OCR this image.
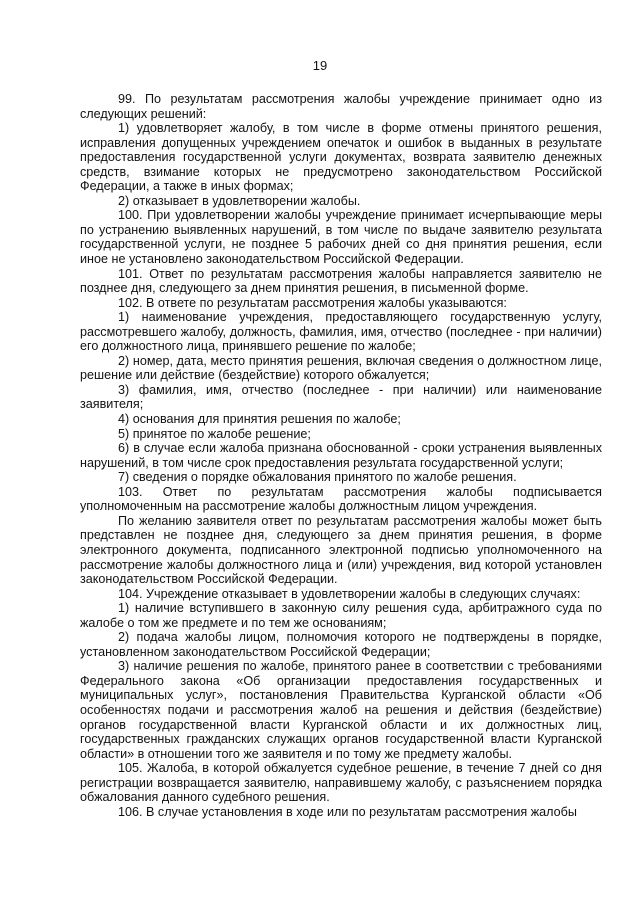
19

99. По результатам рассмотрения жалобы учреждение принимает одно из следующих решений:

1) удовлетворяет жалобу, в том числе в форме отмены принятого решения, исправления допущенных учреждением опечаток и ошибок в выданных в результате предоставления государственной услуги документах, возврата заявителю денежных средств, взимание которых не предусмотрено законодательством Российской Федерации, а также в иных формах;

2) отказывает в удовлетворении жалобы.

100. При удовлетворении жалобы учреждение принимает исчерпывающие меры по устранению выявленных нарушений, в том числе по выдаче заявителю результата государственной услуги, не позднее 5 рабочих дней со дня принятия решения, если иное не установлено законодательством Российской Федерации.

101. Ответ по результатам рассмотрения жалобы направляется заявителю не позднее дня, следующего за днем принятия решения, в письменной форме.

102. В ответе по результатам рассмотрения жалобы указываются:

1) наименование учреждения, предоставляющего государственную услугу, рассмотревшего жалобу, должность, фамилия, имя, отчество (последнее - при наличии) его должностного лица, принявшего решение по жалобе;

2) номер, дата, место принятия решения, включая сведения о должностном лице, решение или действие (бездействие) которого обжалуется;

3) фамилия, имя, отчество (последнее - при наличии) или наименование заявителя;

4) основания для принятия решения по жалобе;

5) принятое по жалобе решение;

6) в случае если жалоба признана обоснованной - сроки устранения выявленных нарушений, в том числе срок предоставления результата государственной услуги;

7) сведения о порядке обжалования принятого по жалобе решения.

103. Ответ по результатам рассмотрения жалобы подписывается уполномоченным на рассмотрение жалобы должностным лицом учреждения.

По желанию заявителя ответ по результатам рассмотрения жалобы может быть представлен не позднее дня, следующего за днем принятия решения, в форме электронного документа, подписанного электронной подписью уполномоченного на рассмотрение жалобы должностного лица и (или) учреждения, вид которой установлен законодательством Российской Федерации.

104. Учреждение отказывает в удовлетворении жалобы в следующих случаях:

1) наличие вступившего в законную силу решения суда, арбитражного суда по жалобе о том же предмете и по тем же основаниям;

2) подача жалобы лицом, полномочия которого не подтверждены в порядке, установленном законодательством Российской Федерации;

3) наличие решения по жалобе, принятого ранее в соответствии с требованиями Федерального закона «Об организации предоставления государственных и муниципальных услуг», постановления Правительства Курганской области «Об особенностях подачи и рассмотрения жалоб на решения и действия (бездействие) органов государственной власти Курганской области и их должностных лиц, государственных гражданских служащих органов государственной власти Курганской области» в отношении того же заявителя и по тому же предмету жалобы.

105. Жалоба, в которой обжалуется судебное решение, в течение 7 дней со дня регистрации возвращается заявителю, направившему жалобу, с разъяснением порядка обжалования данного судебного решения.

106. В случае установления в ходе или по результатам рассмотрения жалобы
